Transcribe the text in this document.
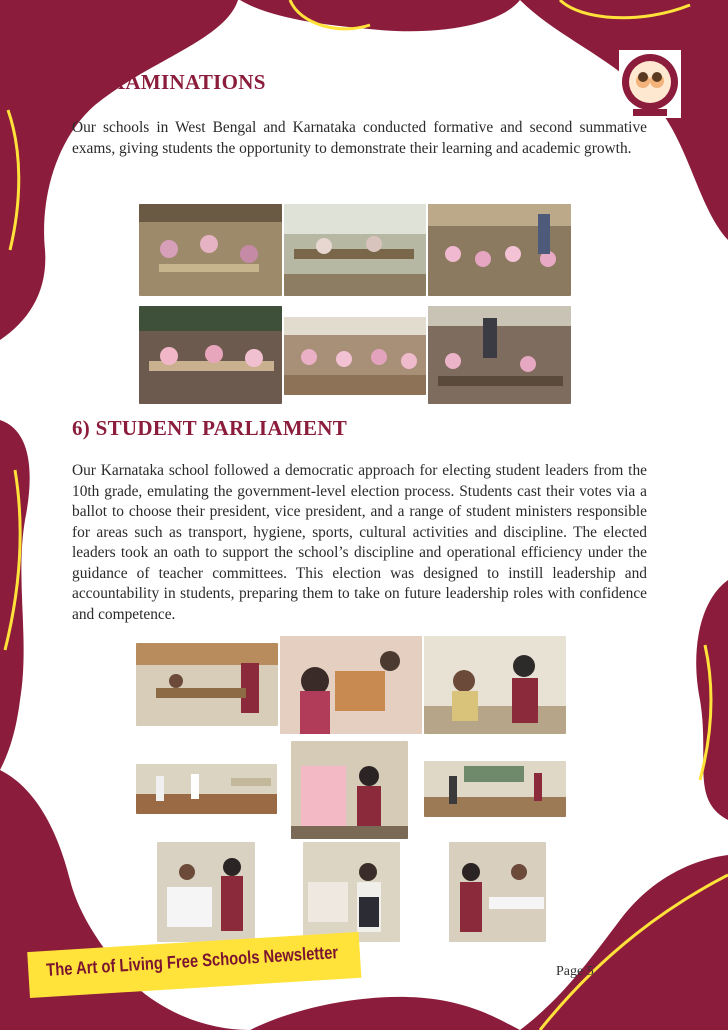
5) EXAMINATIONS

Our schools in West Bengal and Karnataka conducted formative and second summative exams, giving students the opportunity to demonstrate their learning and academic growth.

6) STUDENT PARLIAMENT

Our Karnataka school followed a democratic approach for electing student leaders from the 10th grade, emulating the government-level election process. Students cast their votes via a ballot to choose their president, vice president, and a range of student ministers responsible for areas such as transport, hygiene, sports, cultural activities and discipline. The elected leaders took an oath to support the school’s discipline and operational efficiency under the guidance of teacher committees. This election was designed to instill leadership and accountability in students, preparing them to take on future leadership roles with confidence and competence.

The Art of Living Free Schools Newsletter	Page 5
